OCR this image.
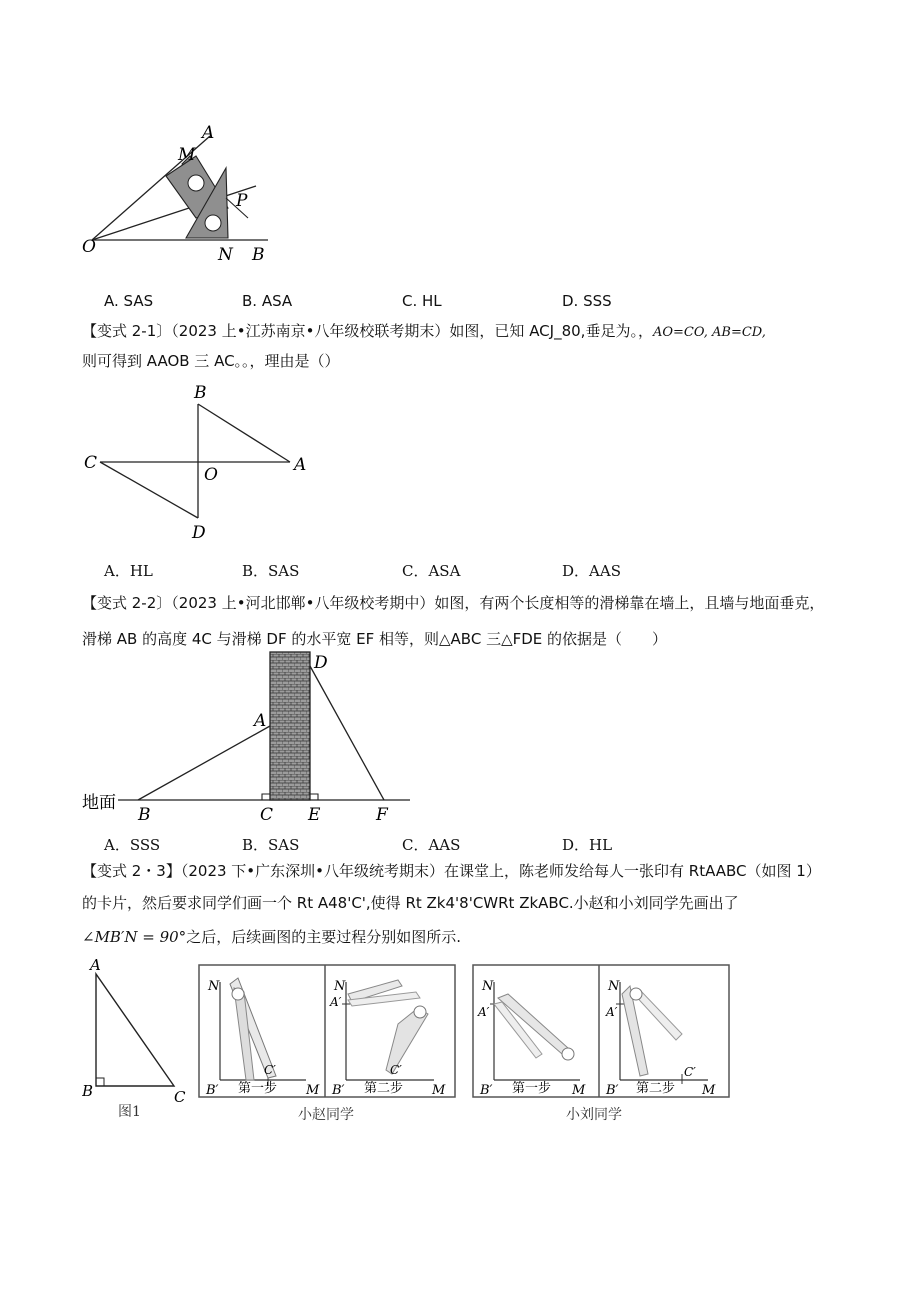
A
M
P
O	N B
A. SAS	B. ASA	C. HL	D. SSS
【变式 2-1〕（2023 上•江苏南京•八年级校联考期末）如图，已知 ACJ_80,垂足为。，AO=CO, AB=CD,
则可得到 AAOB 三 AC。。，理由是（）
B
C
O	A
D
A．HL	B．SAS	C．ASA	D．AAS
【变式 2-2〕（2023 上•河北邯郸•八年级校考期中）如图，有两个长度相等的滑梯靠在墙上，且墙与地面垂克，
滑梯 AB 的高度 4C 与滑梯 DF 的水平宽 EF 相等，则△ABC 三△FDE 的依据是（　　）
地面
A
B	C
D
E	F
A．SSS	B．SAS	C．AAS	D．HL
【变式 2・3】（2023 下•广东深圳•八年级统考期末）在课堂上，陈老师发给每人一张印有 RtAABC（如图 1）
的卡片，然后要求同学们画一个 Rt A48'C',使得 Rt Zk4'8'CWRt ZkABC.小赵和小刘同学先画出了
∠MB′N = 90°之后，后续画图的主要过程分别如图所示.
A
B	C
图1
N
B′
C′
M
第一步
N
A′
B′
C′
M
第二步
N
A′
B′	M
第一步
N
A′
B′
C′
M
第二步
小赵同学	小刘同学
